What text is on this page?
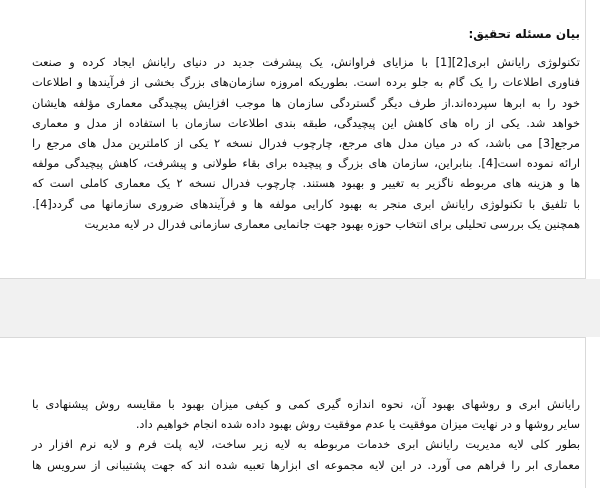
بیان مسئله تحقیق:

تکنولوژی رایانش ابری[2][1] با مزایای فراوانش، یک پیشرفت جدید در دنیای رایانش ایجاد کرده و صنعت
فناوری اطلاعات را یک گام به جلو برده است. بطوریکه امروزه سازمان‌های بزرگ بخشی از فرآیندها و اطلاعات
خود را به ابرها سپرده‌اند.از طرف دیگر گستردگی سازمان ها موجب افزایش پیچیدگی معماری مؤلفه هایشان
خواهد شد. یکی از راه های کاهش این پیچیدگی، طبقه بندی اطلاعات سازمان با استفاده از مدل و معماری
مرجع[3] می باشد، که در میان مدل های مرجع، چارچوب فدرال نسخه ۲ یکی از کاملترین مدل های مرجع را
ارائه نموده است[4]. بنابراین، سازمان های بزرگ و پیچیده برای بقاء طولانی و پیشرفت، کاهش پیچیدگی مولفه
ها و هزینه های مربوطه ناگزیر به تغییر و بهبود هستند. چارچوب فدرال نسخه ۲ یک معماری کاملی است که
با تلفیق با تکنولوژی رایانش ابری منجر به بهبود کارایی مولفه ها و فرآیندهای ضروری سازمانها می گردد[4].
همچنین یک بررسی تحلیلی برای انتخاب حوزه بهبود جهت جانمایی معماری سازمانی فدرال در لایه مدیریت

رایانش ابری و روشهای بهبود آن، نحوه اندازه گیری کمی و کیفی میزان بهبود با مقایسه روش پیشنهادی با
سایر روشها و در نهایت میزان موفقیت یا عدم موفقیت روش بهبود داده شده انجام خواهیم داد.

بطور کلی لایه مدیریت رایانش ابری خدمات مربوطه به لایه زیر ساخت، لایه پلت فرم و لایه نرم افزار در
معماری ابر را فراهم می آورد. در این لایه مجموعه ای ابزارها تعبیه شده اند که جهت پشتیبانی از سرویس ها
